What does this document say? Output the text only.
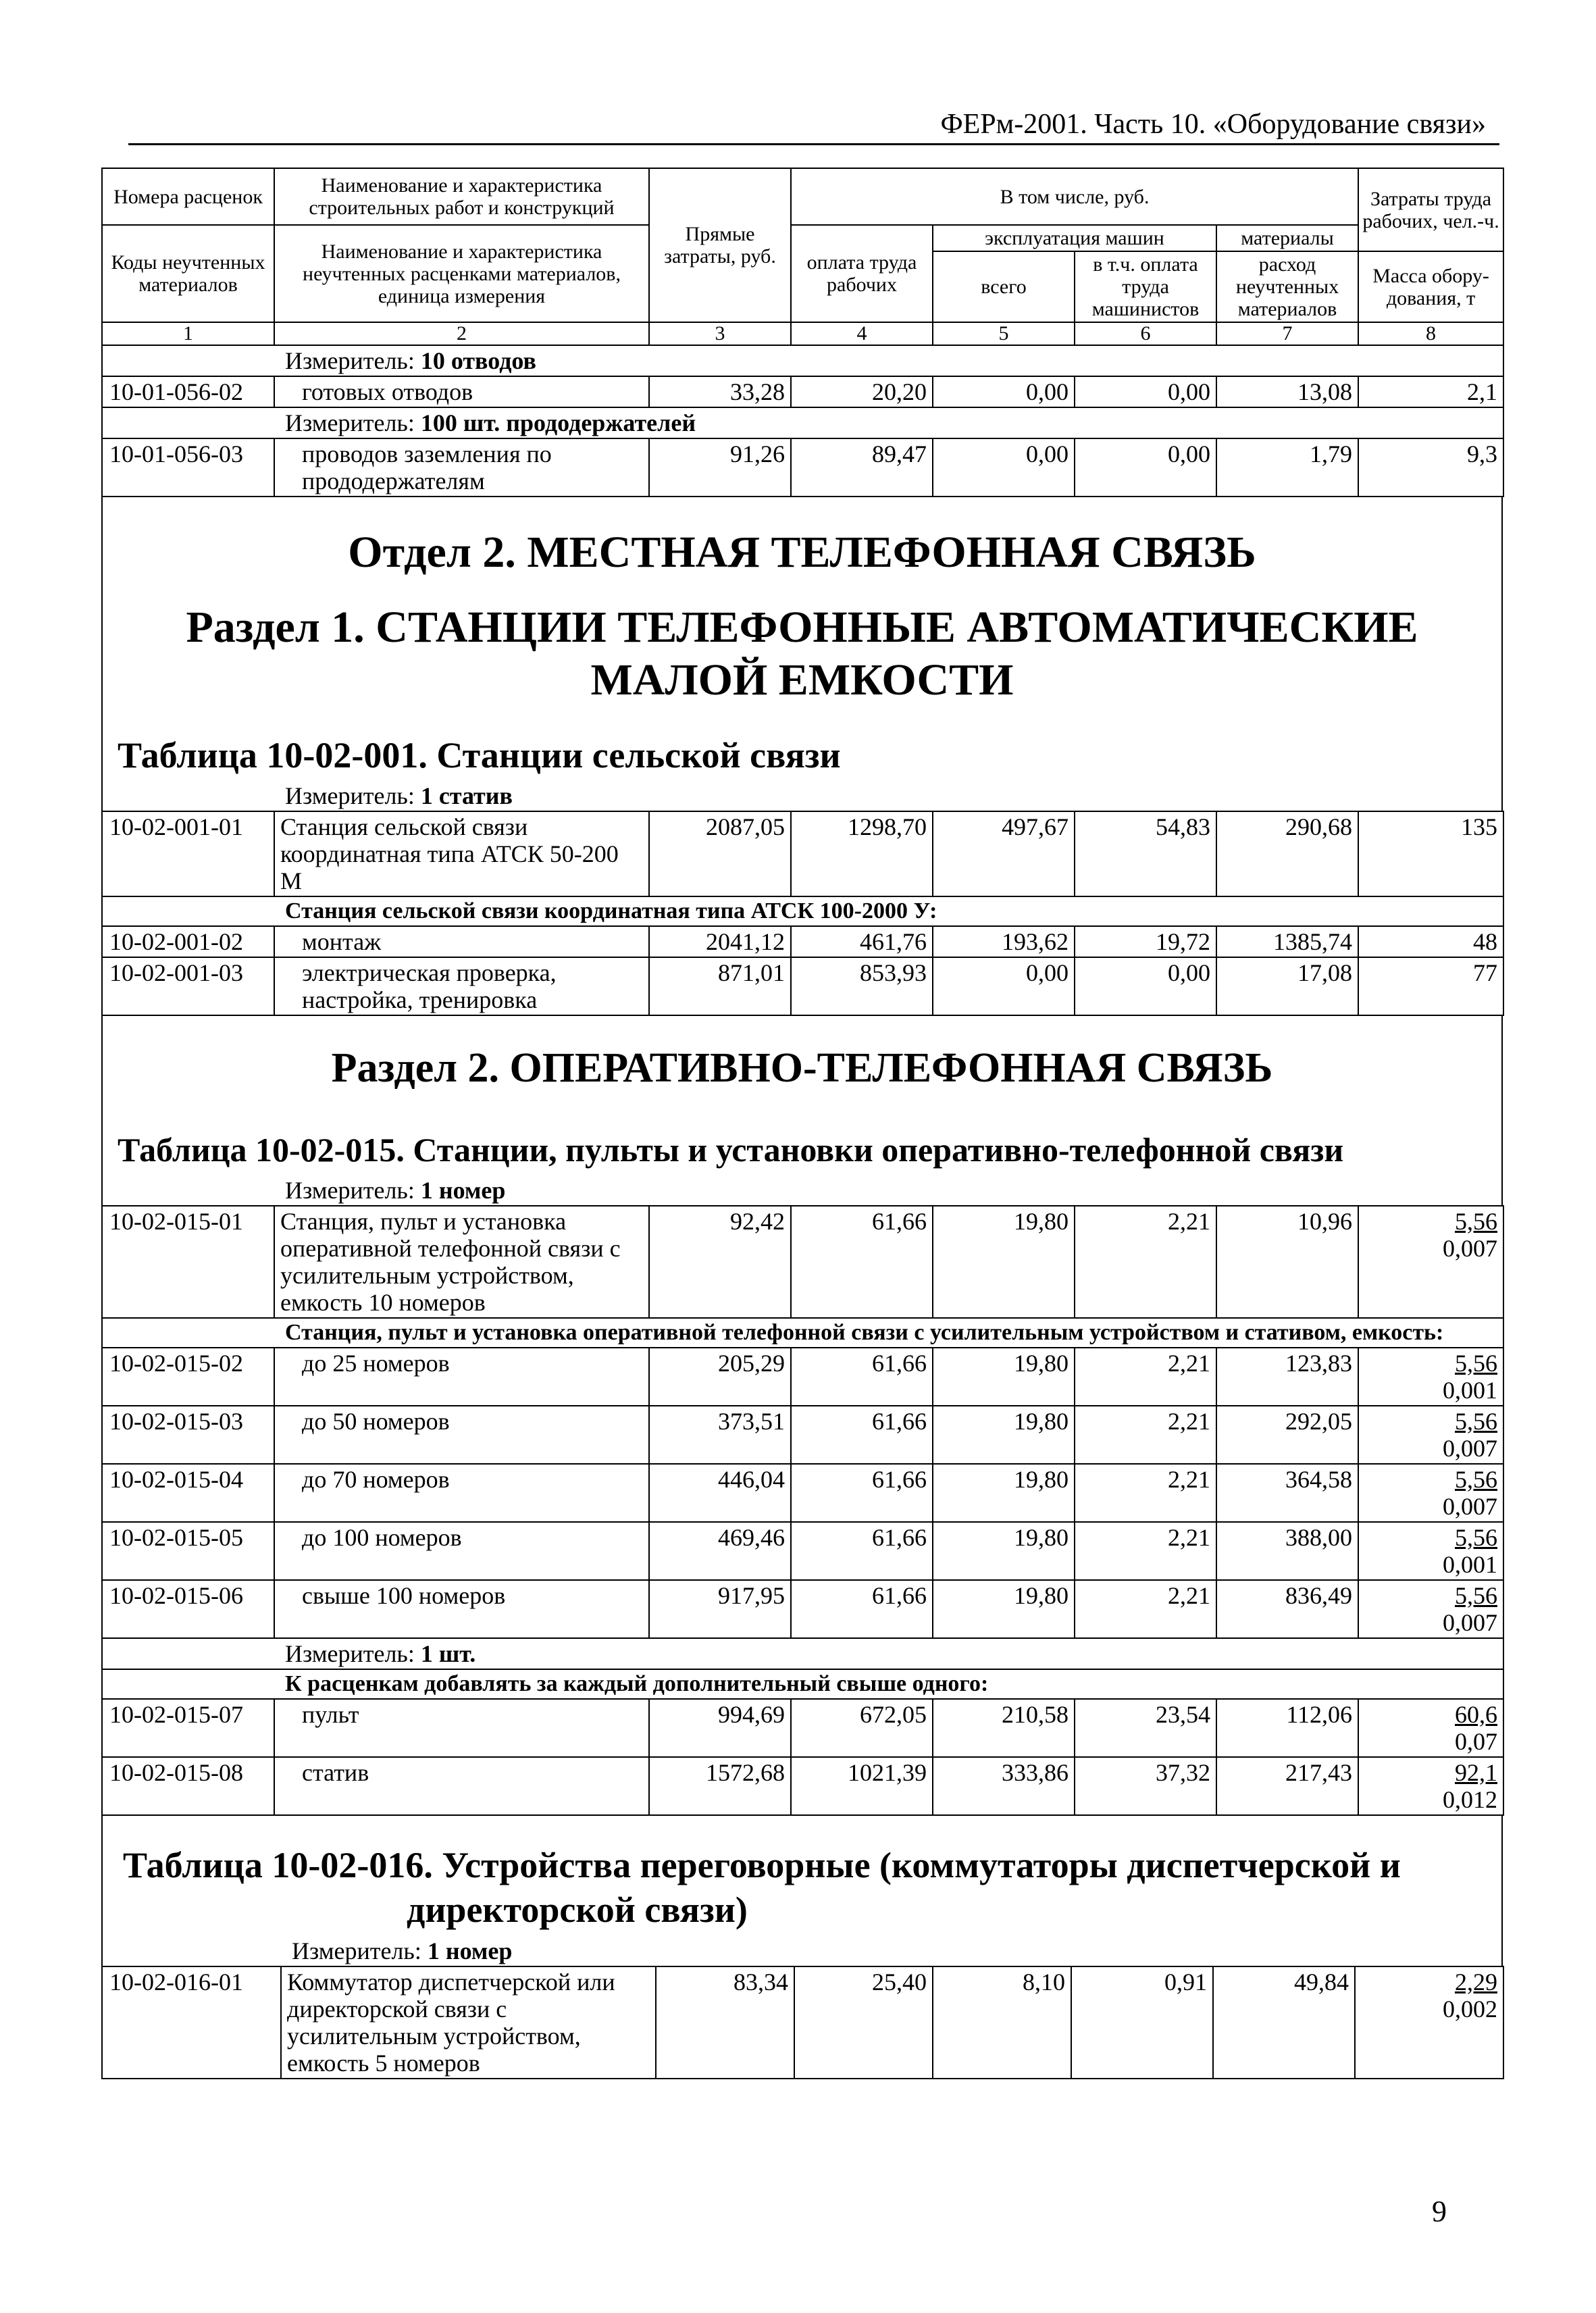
ФЕРм-2001. Часть 10. «Оборудование связи»
Номера расценок	Наименование и характеристика строительных работ и конструкций	Прямые затраты, руб.	В том числе, руб.				Затраты труда рабочих, чел.-ч.
Коды неучтенных материалов	Наименование и характеристика неучтенных расценками материалов, единица измерения		оплата труда рабочих	эксплуатация машин		материалы	
				всего	в т.ч. оплата труда машинистов	расход неучтенных материалов	Масса обору-дования, т
1	2	3	4	5	6	7	8
Измеритель: 10 отводов							
10-01-056-02	готовых отводов	33,28	20,20	0,00	0,00	13,08	2,1
Измеритель: 100 шт. прододержателей							
10-01-056-03	проводов заземления по прододержателям	91,26	89,47	0,00	0,00	1,79	9,3
Отдел 2. МЕСТНАЯ ТЕЛЕФОННАЯ СВЯЗЬ
Раздел 1. СТАНЦИИ ТЕЛЕФОННЫЕ АВТОМАТИЧЕСКИЕ МАЛОЙ ЕМКОСТИ
Таблица 10-02-001. Станции сельской связи
Измеритель: 1 статив
10-02-001-01	Станция сельской связи координатная типа АТСК 50-200 М	2087,05	1298,70	497,67	54,83	290,68	135
Станция сельской связи координатная типа АТСК 100-2000 У:							
10-02-001-02	монтаж	2041,12	461,76	193,62	19,72	1385,74	48
10-02-001-03	электрическая проверка, настройка, тренировка	871,01	853,93	0,00	0,00	17,08	77
Раздел 2. ОПЕРАТИВНО-ТЕЛЕФОННАЯ СВЯЗЬ
Таблица 10-02-015. Станции, пульты и установки оперативно-телефонной связи
Измеритель: 1 номер
10-02-015-01	Станция, пульт и установка оперативной телефонной связи с усилительным устройством, емкость 10 номеров	92,42	61,66	19,80	2,21	10,96	5,56
0,007

Станция, пульт и установка оперативной телефонной связи с усилительным устройством и стативом, емкость:							
10-02-015-02	до 25 номеров	205,29	61,66	19,80	2,21	123,83	5,56
0,001

10-02-015-03	до 50 номеров	373,51	61,66	19,80	2,21	292,05	5,56
0,007

10-02-015-04	до 70 номеров	446,04	61,66	19,80	2,21	364,58	5,56
0,007

10-02-015-05	до 100 номеров	469,46	61,66	19,80	2,21	388,00	5,56
0,001

10-02-015-06	свыше 100 номеров	917,95	61,66	19,80	2,21	836,49	5,56
0,007

Измеритель: 1 шт.							
К расценкам добавлять за каждый дополнительный свыше одного:							
10-02-015-07	пульт	994,69	672,05	210,58	23,54	112,06	60,6
0,07

10-02-015-08	статив	1572,68	1021,39	333,86	37,32	217,43	92,1
0,012
Таблица 10-02-016. Устройства переговорные (коммутаторы диспетчерской и
директорской связи)
Измеритель: 1 номер
10-02-016-01	Коммутатор диспетчерской или директорской связи с усилительным устройством, емкость 5 номеров	83,34	25,40	8,10	0,91	49,84	2,29
0,002
9
